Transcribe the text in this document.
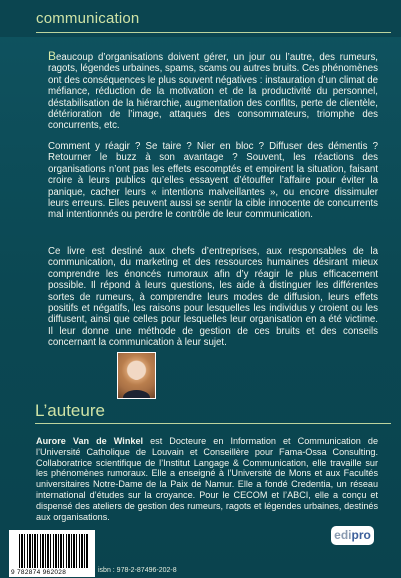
communication

Beaucoup d’organisations doivent gérer, un jour ou l’autre, des rumeurs, ragots, légendes urbaines, spams, scams ou autres bruits. Ces phénomènes ont des conséquences le plus souvent négatives : instauration d’un climat de méfiance, réduction de la motivation et de la productivité du personnel, déstabilisation de la hiérarchie, augmentation des conflits, perte de clientèle, détérioration de l’image, attaques des consommateurs, triomphe des concurrents, etc.

Comment y réagir ? Se taire ? Nier en bloc ? Diffuser des démentis ? Retourner le buzz à son avantage ? Souvent, les réactions des organisations n’ont pas les effets escomptés et empirent la situation, faisant croire à leurs publics qu’elles essayent d’étouffer l’affaire pour éviter la panique, cacher leurs « intentions malveillantes », ou encore dissimuler leurs erreurs. Elles peuvent aussi se sentir la cible innocente de concurrents mal intentionnés ou perdre le contrôle de leur communication.

Ce livre est destiné aux chefs d’entreprises, aux responsables de la communication, du marketing et des ressources humaines désirant mieux comprendre les énoncés rumoraux afin d’y réagir le plus efficacement possible. Il répond à leurs questions, les aide à distinguer les différentes sortes de rumeurs, à comprendre leurs modes de diffusion, leurs effets positifs et négatifs, les raisons pour lesquelles les individus y croient ou les diffusent, ainsi que celles pour lesquelles leur organisation en a été victime. Il leur donne une méthode de gestion de ces bruits et des conseils concernant la communication à leur sujet.

L’auteure

Aurore Van de Winkel est Docteure en Information et Communication de l’Université Catholique de Louvain et Conseillère pour Fama-Ossa Consulting. Collaboratrice scientifique de l’Institut Langage & Communication, elle travaille sur les phénomènes rumoraux. Elle a enseigné à l’Université de Mons et aux Facultés universitaires Notre-Dame de la Paix de Namur. Elle a fondé Credentia, un réseau international d’études sur la croyance. Pour le CECOM et l’ABCI, elle a conçu et dispensé des ateliers de gestion des rumeurs, ragots et légendes urbaines, destinés aux organisations.

9 782874 962028	isbn : 978-2-87496-202-8
edipro
